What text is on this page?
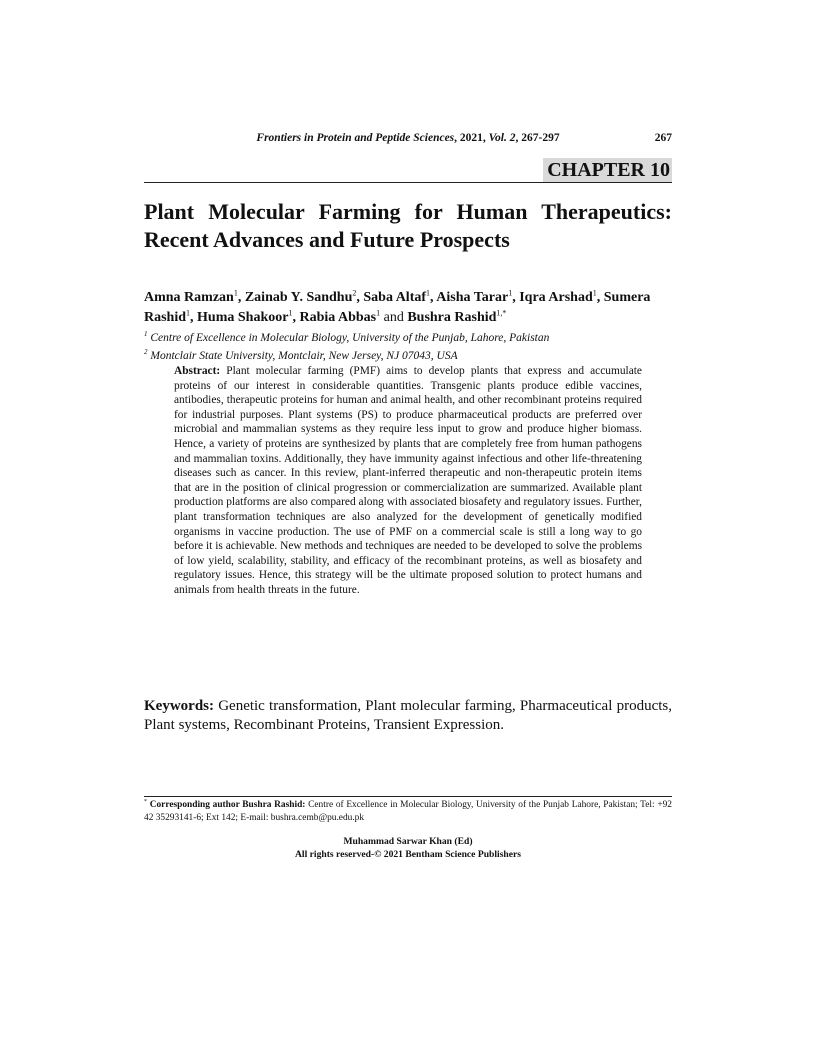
Frontiers in Protein and Peptide Sciences, 2021, Vol. 2, 267-297	267
CHAPTER 10
Plant Molecular Farming for Human Therapeutics: Recent Advances and Future Prospects
Amna Ramzan$^1$, Zainab Y. Sandhu$^2$, Saba Altaf$^1$, Aisha Tarar$^1$, Iqra Arshad$^1$, Sumera Rashid$^1$, Huma Shakoor$^1$, Rabia Abbas$^1$ and Bushra Rashid$^{1,*}$
$^1$ Centre of Excellence in Molecular Biology, University of the Punjab, Lahore, Pakistan
$^2$ Montclair State University, Montclair, New Jersey, NJ 07043, USA
Abstract: Plant molecular farming (PMF) aims to develop plants that express and accumulate proteins of our interest in considerable quantities. Transgenic plants produce edible vaccines, antibodies, therapeutic proteins for human and animal health, and other recombinant proteins required for industrial purposes. Plant systems (PS) to produce pharmaceutical products are preferred over microbial and mammalian systems as they require less input to grow and produce higher biomass. Hence, a variety of proteins are synthesized by plants that are completely free from human pathogens and mammalian toxins. Additionally, they have immunity against infectious and other life-threatening diseases such as cancer. In this review, plant-inferred therapeutic and non-therapeutic protein items that are in the position of clinical progression or commercialization are summarized. Available plant production platforms are also compared along with associated biosafety and regulatory issues. Further, plant transformation techniques are also analyzed for the development of genetically modified organisms in vaccine production. The use of PMF on a commercial scale is still a long way to go before it is achievable. New methods and techniques are needed to be developed to solve the problems of low yield, scalability, stability, and efficacy of the recombinant proteins, as well as biosafety and regulatory issues. Hence, this strategy will be the ultimate proposed solution to protect humans and animals from health threats in the future.
Keywords: Genetic transformation, Plant molecular farming, Pharmaceutical products, Plant systems, Recombinant Proteins, Transient Expression.
* Corresponding author Bushra Rashid: Centre of Excellence in Molecular Biology, University of the Punjab Lahore, Pakistan; Tel: +92 42 35293141-6; Ext 142; E-mail: bushra.cemb@pu.edu.pk
Muhammad Sarwar Khan (Ed)
All rights reserved-© 2021 Bentham Science Publishers
